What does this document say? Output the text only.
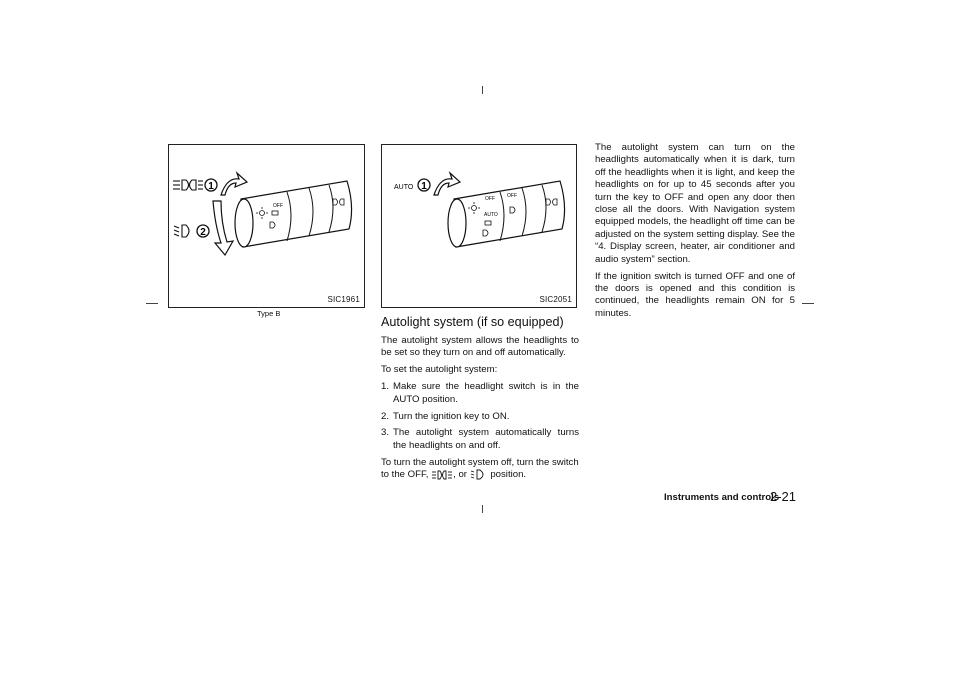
1
2
OFF
SIC1961
Type B
AUTO 1
OFF OFF
AUTO
SIC2051
Autolight system (if so equipped)

The autolight system allows the headlights to be set so they turn on and off automatically.

To set the autolight system:

1. Make sure the headlight switch is in the AUTO position.
2. Turn the ignition key to ON.
3. The autolight system automatically turns the headlights on and off.

To turn the autolight system off, turn the switch to the OFF,	, or position.

The autolight system can turn on the headlights automatically when it is dark, turn off the headlights when it is light, and keep the headlights on for up to 45 seconds after you turn the key to OFF and open any door then close all the doors. With Navigation system equipped models, the headlight off time can be adjusted on the system setting display. See the “4. Display screen, heater, air conditioner and audio system” section.

If the ignition switch is turned OFF and one of the doors is opened and this condition is continued, the headlights remain ON for 5 minutes.

Instruments and controls
2-21
